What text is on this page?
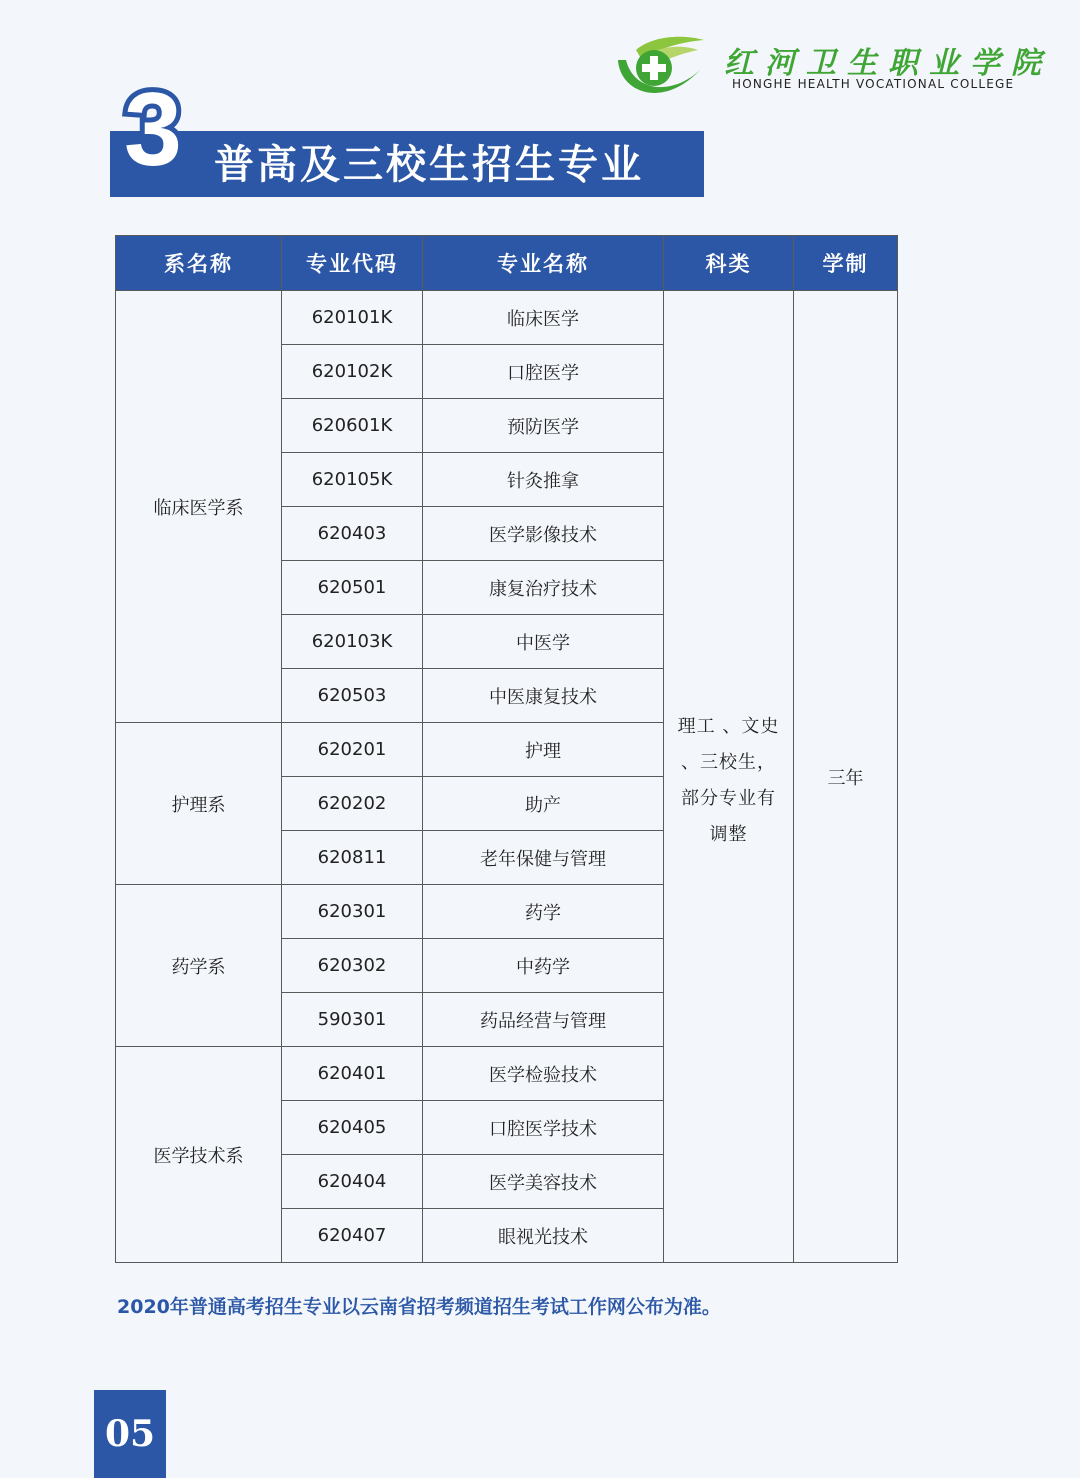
红河卫生职业学院
HONGHE HEALTH VOCATIONAL COLLEGE
3 普高及三校生招生专业
系名称	专业代码	专业名称	科类	学制
临床医学系	620101K	临床医学	理工 、文史 、三校生，部分专业有调整	三年
	620102K	口腔医学		
	620601K	预防医学		
	620105K	针灸推拿		
	620403	医学影像技术		
	620501	康复治疗技术		
	620103K	中医学		
	620503	中医康复技术		
护理系	620201	护理		
	620202	助产		
	620811	老年保健与管理		
药学系	620301	药学		
	620302	中药学		
	590301	药品经营与管理		
医学技术系	620401	医学检验技术		
	620405	口腔医学技术		
	620404	医学美容技术		
	620407	眼视光技术		
2020年普通高考招生专业以云南省招考频道招生考试工作网公布为准。
05
